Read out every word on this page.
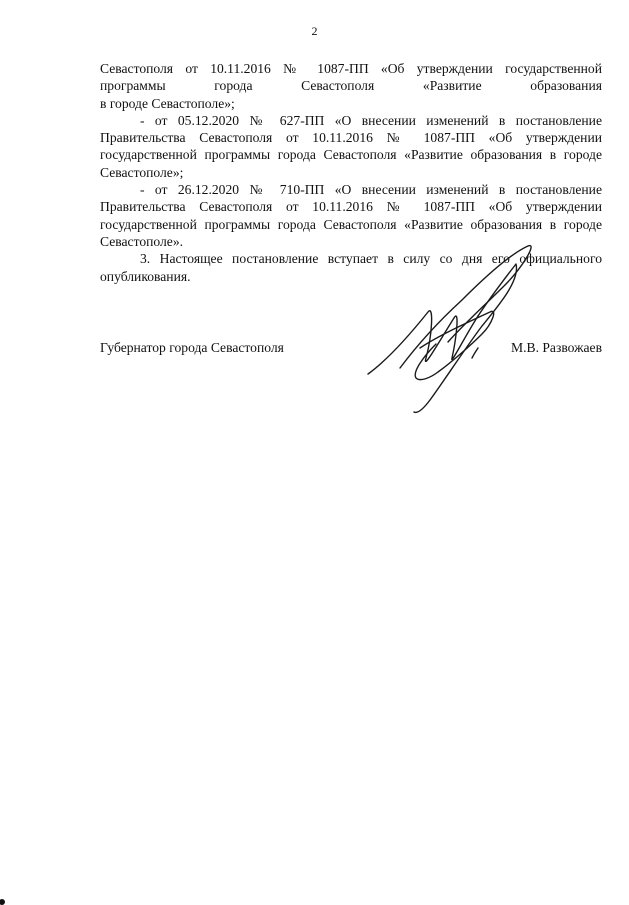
2

Севастополя от 10.11.2016 № 1087-ПП «Об утверждении государственной
программы города Севастополя «Развитие образования
в городе Севастополе»;

- от 05.12.2020 № 627-ПП «О внесении изменений в постановление Правительства Севастополя от 10.11.2016 № 1087-ПП «Об утверждении государственной программы города Севастополя «Развитие образования в городе Севастополе»;

- от 26.12.2020 № 710-ПП «О внесении изменений в постановление Правительства Севастополя от 10.11.2016 № 1087-ПП «Об утверждении государственной программы города Севастополя «Развитие образования в городе Севастополе».

3. Настоящее постановление вступает в силу со дня его официального опубликования.

Губернатор города Севастополя	М.В. Развожаев
